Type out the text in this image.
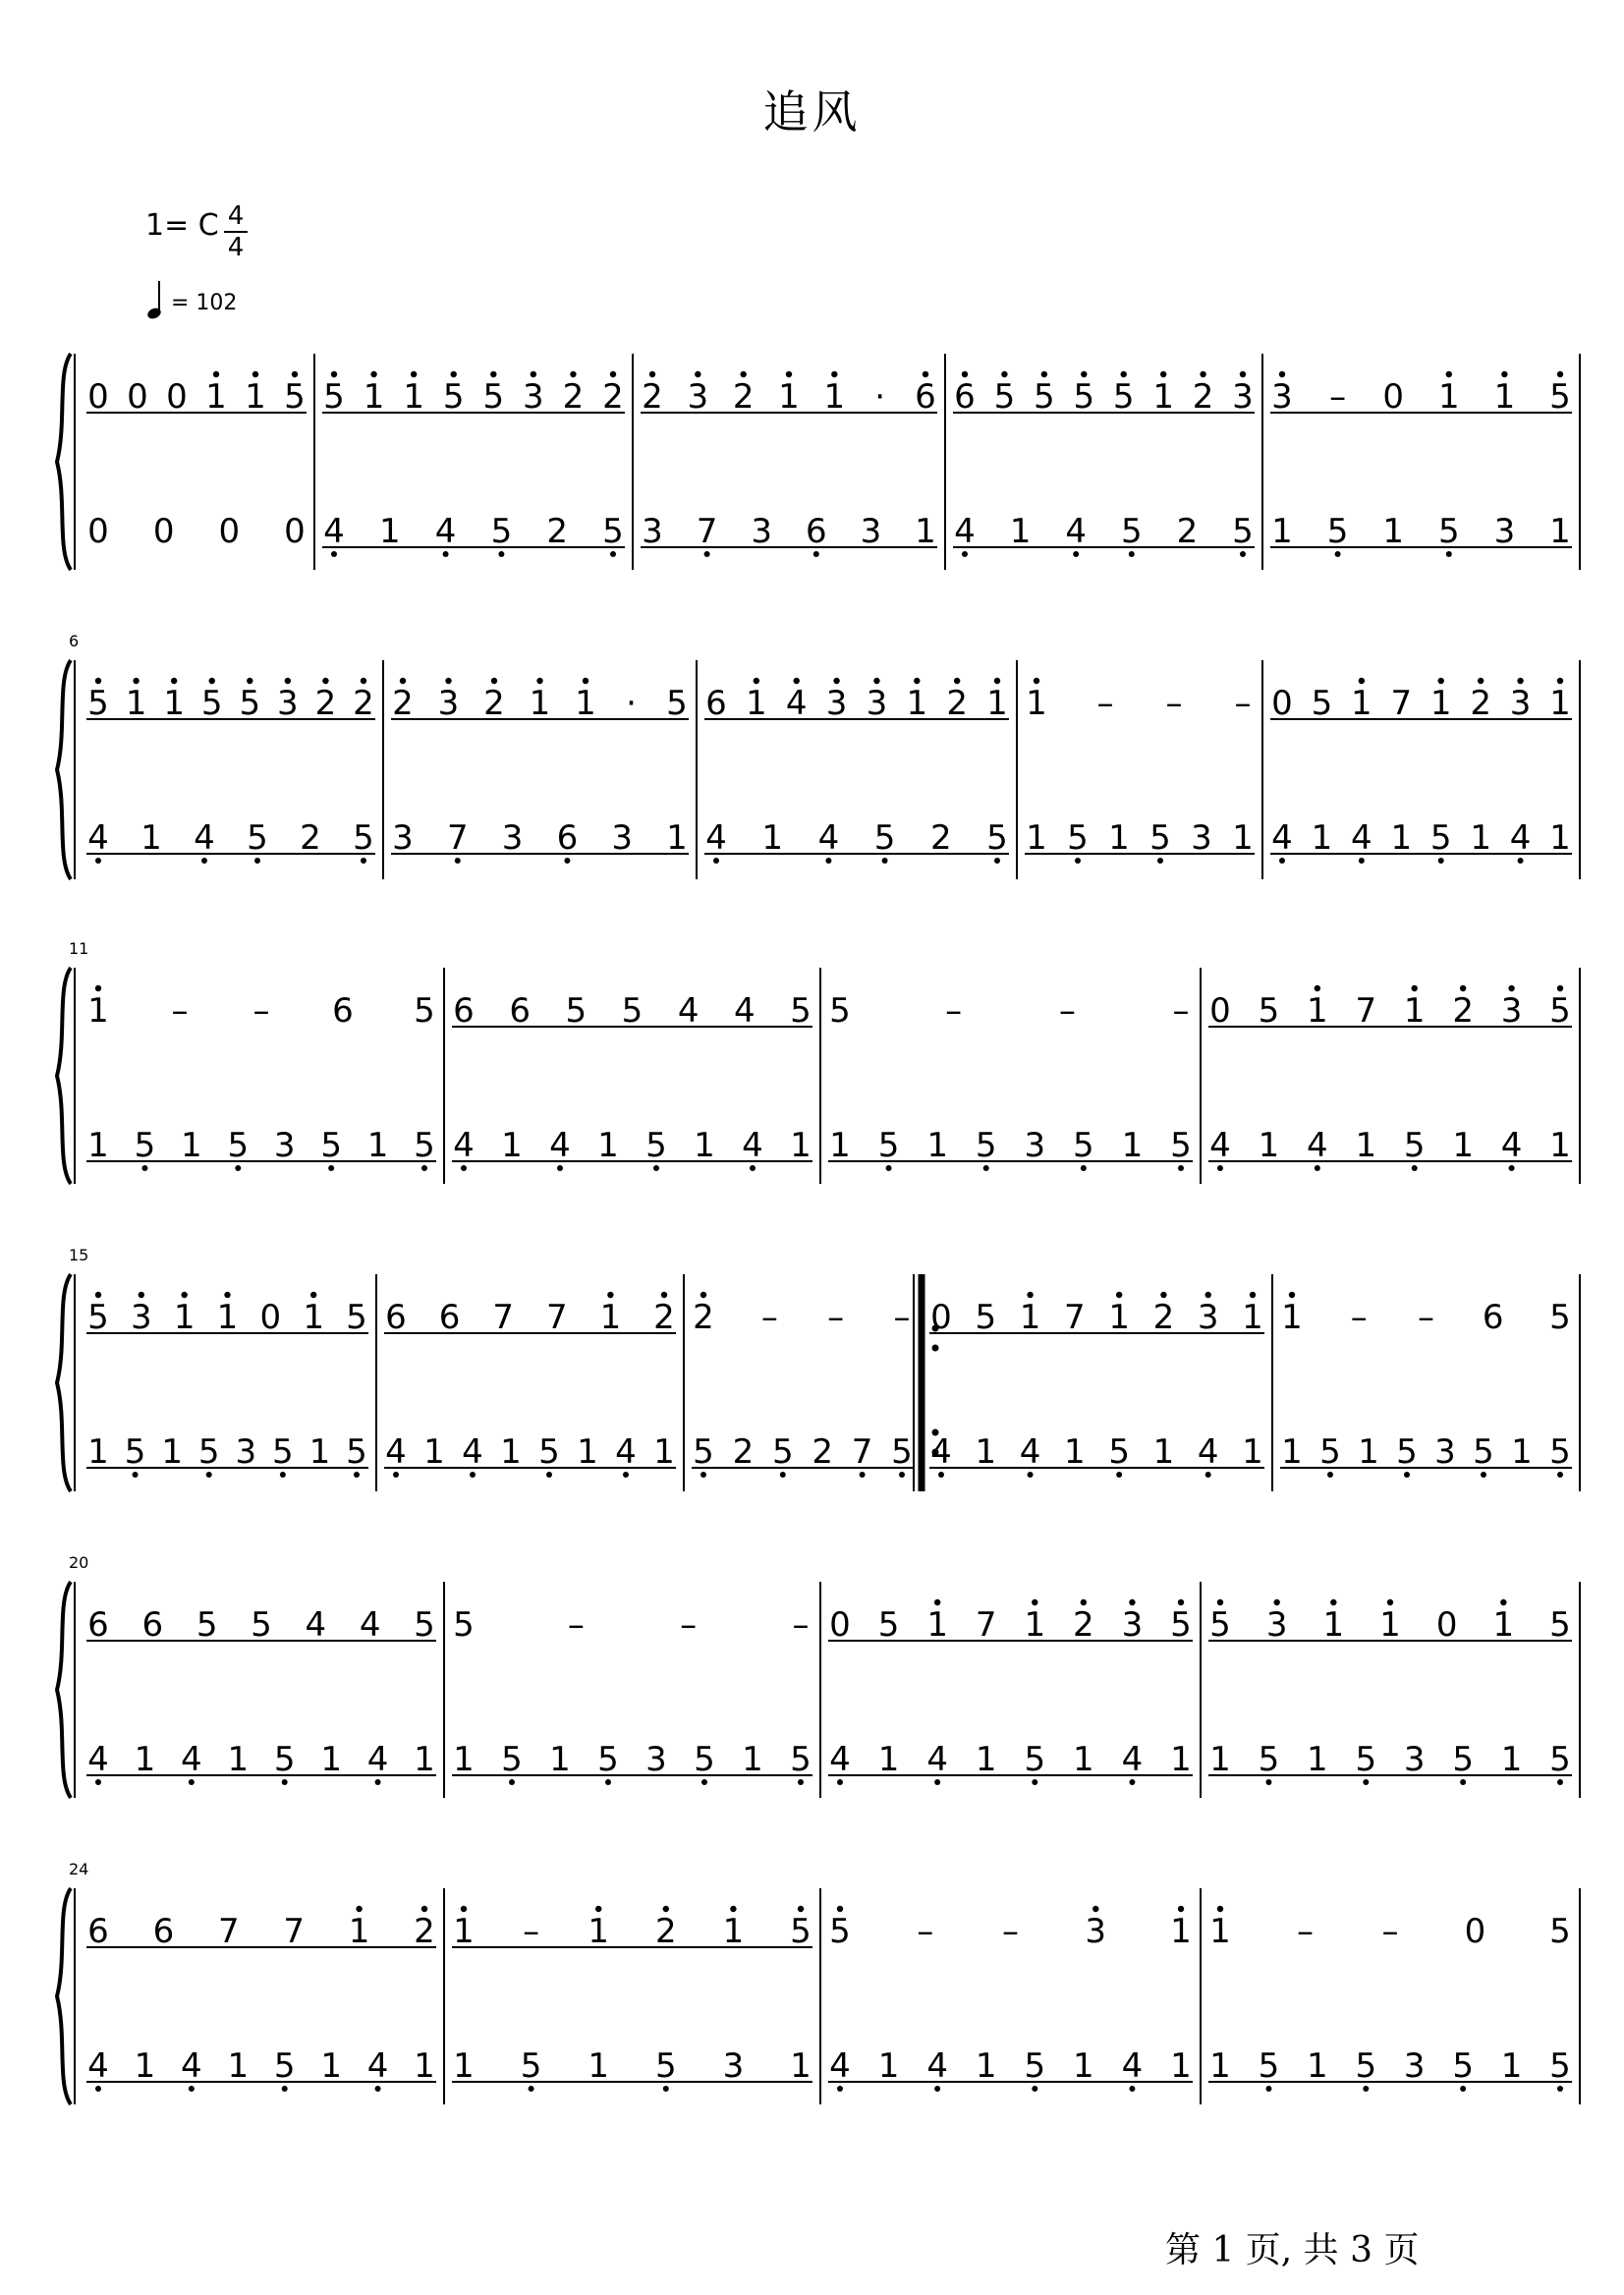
追风
1= C $\frac{4}{4}$
= 102
0 0 0 1 1 5
0 0 0 0
5 1 1 5 5 3 2 2
4 1 4 5 2 5
2 3 2 1 1 · 6
3 7 3 6 3 1
6 5 5 5 5 1 2 3
4 1 4 5 2 5
3 – 0 1 1 5
1 5 1 5 3 1
6
5 1 1 5 5 3 2 2
4 1 4 5 2 5
2 3 2 1 1 · 5
3 7 3 6 3 1
6 1 4 3 3 1 2 1
4 1 4 5 2 5
1 – – –
1 5 1 5 3 1
0 5 1 7 1 2 3 1
4 1 4 1 5 1 4 1
11
1 – – 6 5
1 5 1 5 3 5 1 5
6 6 5 5 4 4 5
4 1 4 1 5 1 4 1
5	–	–	–
1 5 1 5 3 5 1 5
0 5 1 7 1 2 3 5
4 1 4 1 5 1 4 1
15
5 3 1 1 0 1 5
1 5 1 5 3 5 1 5
6 6 7 7 1 2
4 1 4 1 5 1 4 1
2 – – –
5 2 5 2 7 5
0 5 1 7 1 2 3 1
4 1 4 1 5 1 4 1
1 – – 6 5
1 5 1 5 3 5 1 5
20
6 6 5 5 4 4 5
4 1 4 1 5 1 4 1
5	–	–	–
1 5 1 5 3 5 1 5
0 5 1 7 1 2 3 5
4 1 4 1 5 1 4 1
5 3 1 1 0 1 5
1 5 1 5 3 5 1 5
24
6 6 7 7 1 2
4 1 4 1 5 1 4 1
1 – 1 2 1 5
1 5 1 5 3 1
5 – – 3 1
4 1 4 1 5 1 4 1
1 – – 0 5
1 5 1 5 3 5 1 5
第 1 页, 共 3 页
